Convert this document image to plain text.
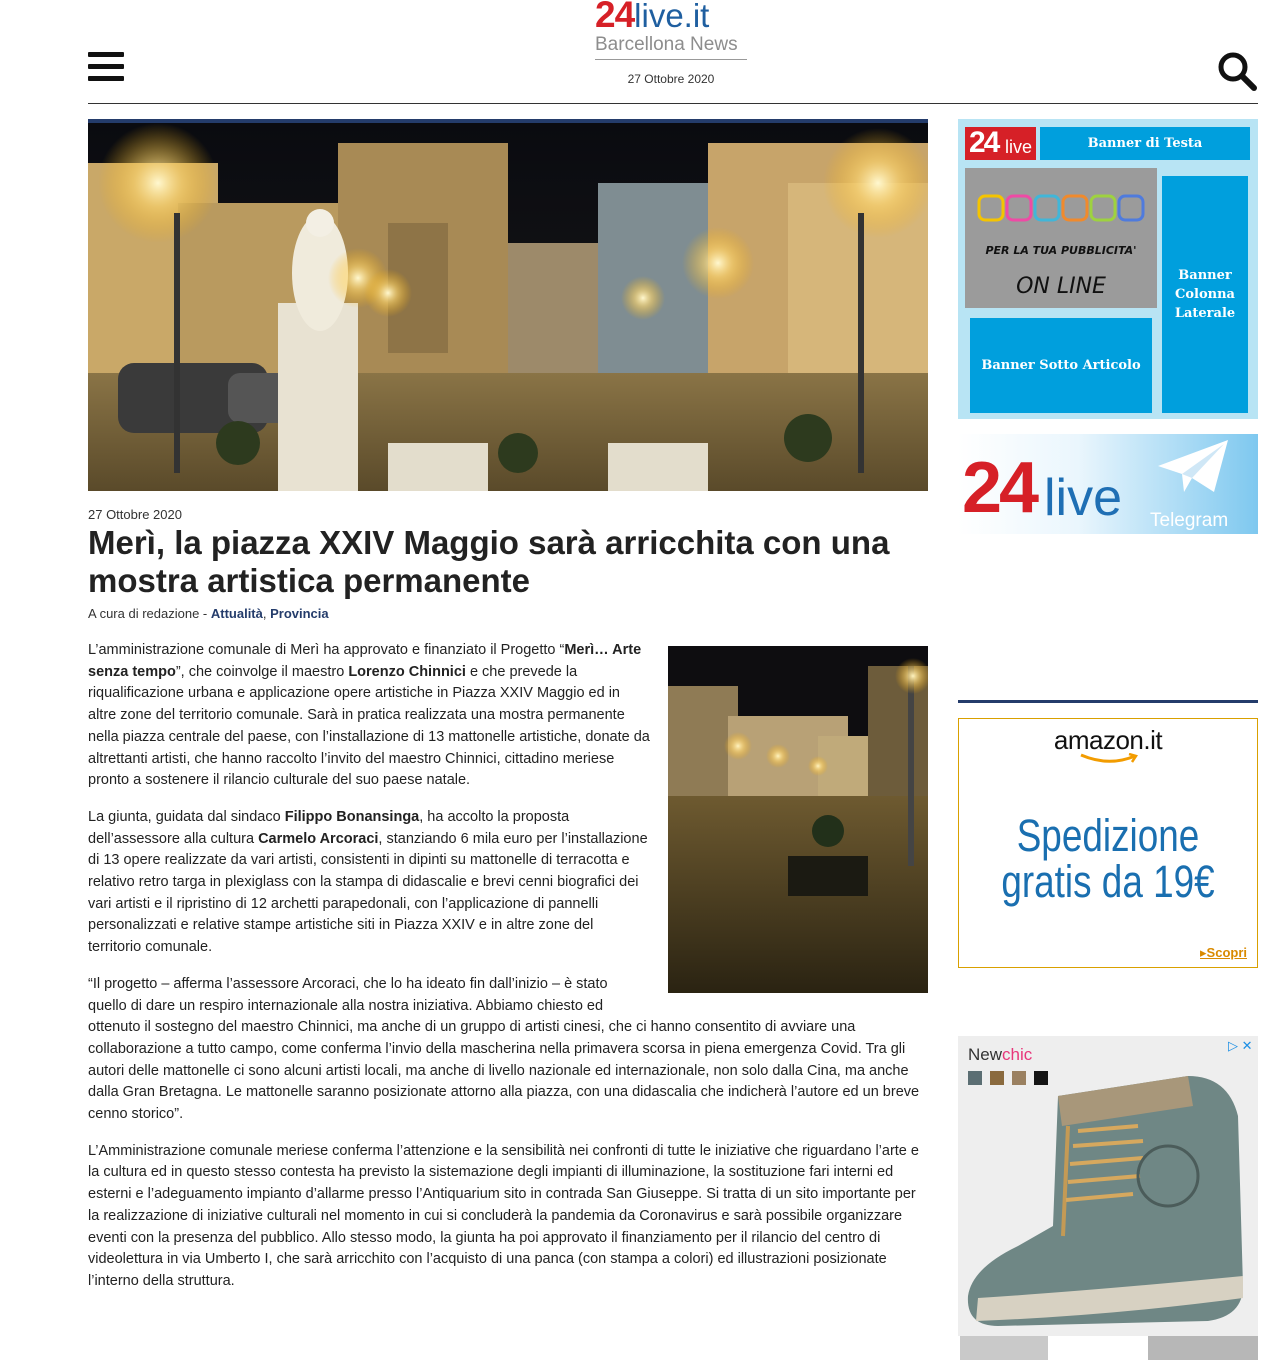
24live.it
Barcellona News
27 Ottobre 2020
27 Ottobre 2020
Merì, la piazza XXIV Maggio sarà arricchita con una mostra artistica permanente
A cura di redazione - Attualità, Provincia

L’amministrazione comunale di Merì ha approvato e finanziato il Progetto “Merì… Arte senza tempo”, che coinvolge il maestro Lorenzo Chinnici e che prevede la riqualificazione urbana e applicazione opere artistiche in Piazza XXIV Maggio ed in altre zone del territorio comunale. Sarà in pratica realizzata una mostra permanente nella piazza centrale del paese, con l’installazione di 13 mattonelle artistiche, donate da altrettanti artisti, che hanno raccolto l’invito del maestro Chinnici, cittadino meriese pronto a sostenere il rilancio culturale del suo paese natale.

La giunta, guidata dal sindaco Filippo Bonansinga, ha accolto la proposta dell’assessore alla cultura Carmelo Arcoraci, stanziando 6 mila euro per l’installazione di 13 opere realizzate da vari artisti, consistenti in dipinti su mattonelle di terracotta e relativo retro targa in plexiglass con la stampa di didascalie e brevi cenni biografici dei vari artisti e il ripristino di 12 archetti parapedonali, con l’applicazione di pannelli personalizzati e relative stampe artistiche siti in Piazza XXIV e in altre zone del territorio comunale.

“Il progetto – afferma l’assessore Arcoraci, che lo ha ideato fin dall’inizio – è stato quello di dare un respiro internazionale alla nostra iniziativa. Abbiamo chiesto ed ottenuto il sostegno del maestro Chinnici, ma anche di un gruppo di artisti cinesi, che ci hanno consentito di avviare una collaborazione a tutto campo, come conferma l’invio della mascherina nella primavera scorsa in piena emergenza Covid. Tra gli autori delle mattonelle ci sono alcuni artisti locali, ma anche di livello nazionale ed internazionale, non solo dalla Cina, ma anche dalla Gran Bretagna. Le mattonelle saranno posizionate attorno alla piazza, con una didascalia che indicherà l’autore ed un breve cenno storico”.

L’Amministrazione comunale meriese conferma l’attenzione e la sensibilità nei confronti di tutte le iniziative che riguardano l’arte e la cultura ed in questo stesso contesta ha previsto la sistemazione degli impianti di illuminazione, la sostituzione fari interni ed esterni e l’adeguamento impianto d’allarme presso l’Antiquarium sito in contrada San Giuseppe. Si tratta di un sito importante per la realizzazione di iniziative culturali nel momento in cui si concluderà la pandemia da Coronavirus e sarà possibile organizzare eventi con la presenza del pubblico. Allo stesso modo, la giunta ha poi approvato il finanziamento per il rilancio del centro di videolettura in via Umberto I, che sarà arricchito con l’acquisto di una panca (con stampa a colori) ed illustrazioni posizionate l’interno della struttura.

24 live	Banner di Testa
PER LA TUA PUBBLICITA'
ON LINE	Banner Colonna Laterale
Banner Sotto Articolo
24 live Telegram
amazon.it
Spedizione gratis da 19€
▸Scopri
Newchic	▷ ✕
